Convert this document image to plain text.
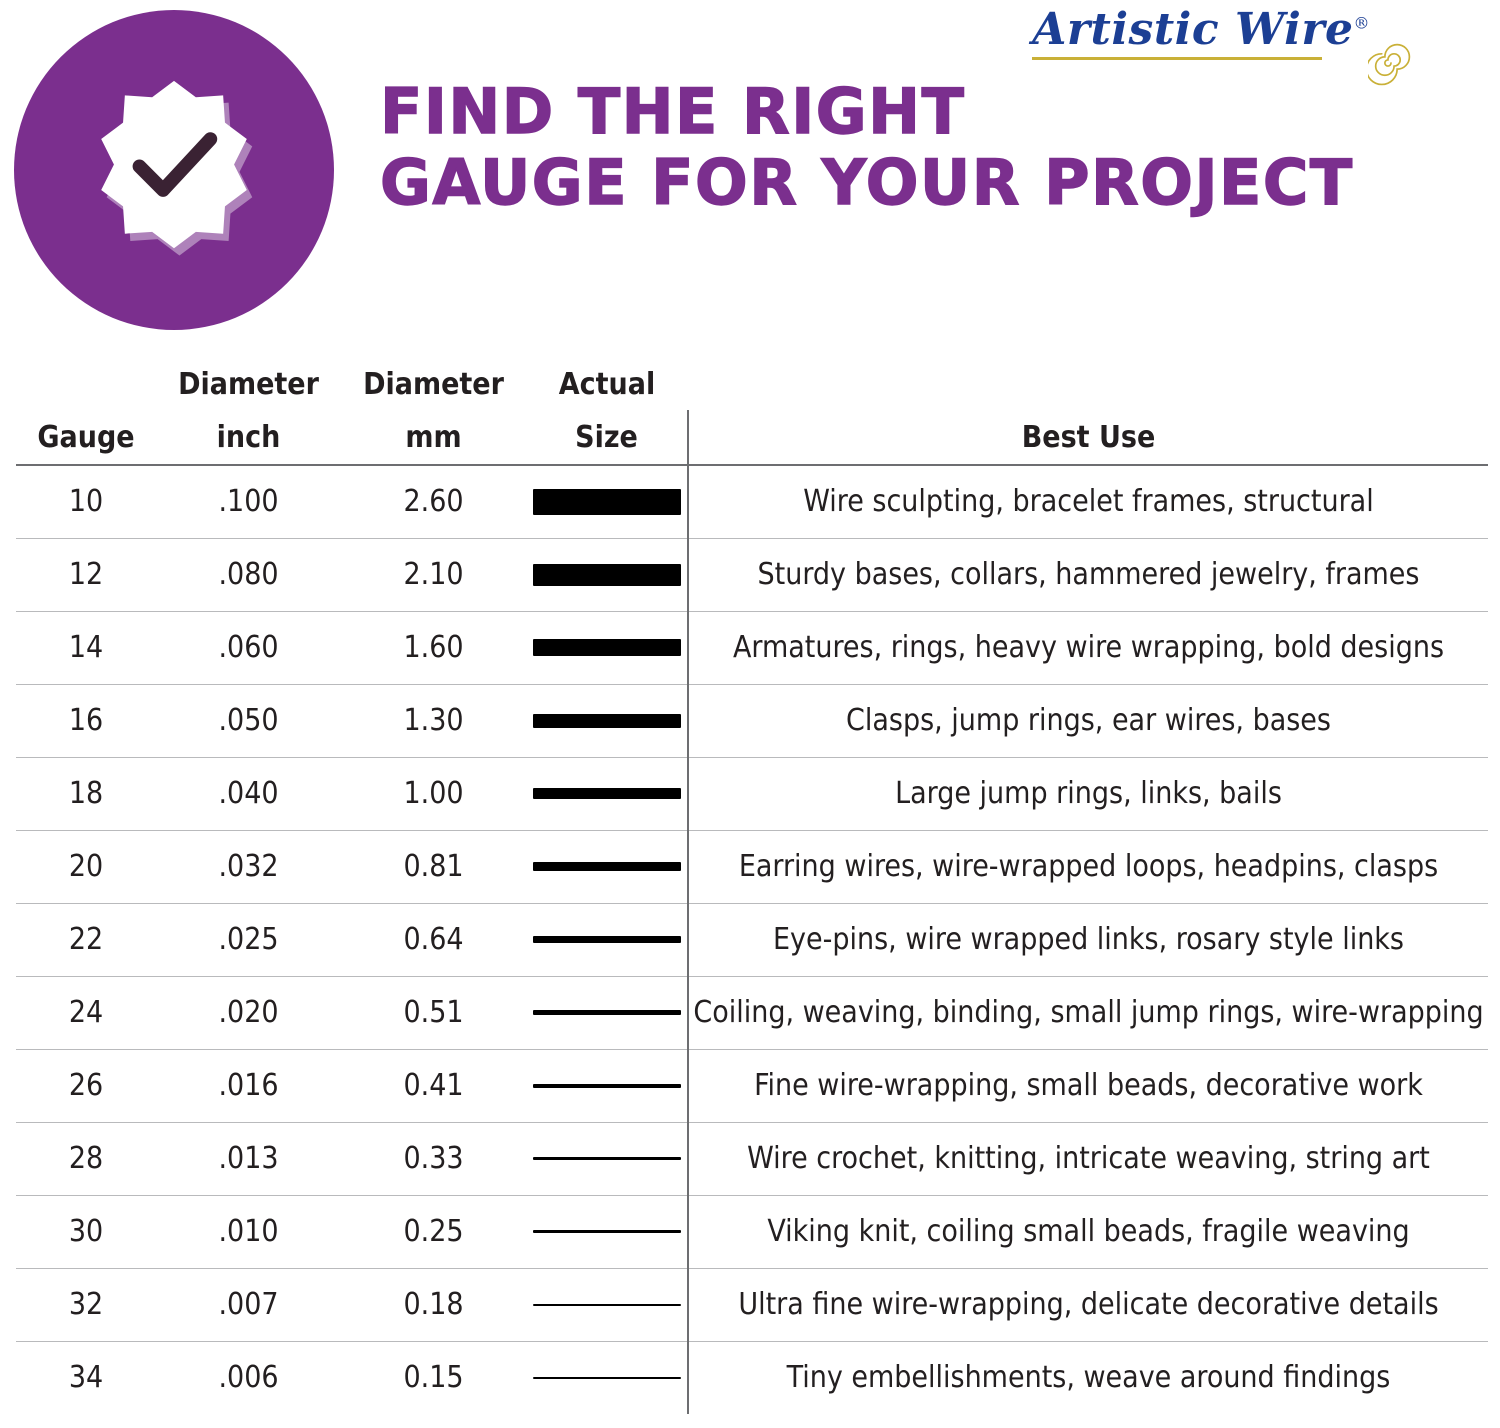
FIND THE RIGHT
GAUGE FOR YOUR PROJECT
Artistic Wire®
	Diameter	Diameter	Actual	
Gauge	inch	mm	Size	Best Use
10	.100	2.60		Wire sculpting, bracelet frames, structural
12	.080	2.10		Sturdy bases, collars, hammered jewelry, frames
14	.060	1.60		Armatures, rings, heavy wire wrapping, bold designs
16	.050	1.30		Clasps, jump rings, ear wires, bases
18	.040	1.00		Large jump rings, links, bails
20	.032	0.81		Earring wires, wire-wrapped loops, headpins, clasps
22	.025	0.64		Eye-pins, wire wrapped links, rosary style links
24	.020	0.51		Coiling, weaving, binding, small jump rings, wire-wrapping
26	.016	0.41		Fine wire-wrapping, small beads, decorative work
28	.013	0.33		Wire crochet, knitting, intricate weaving, string art
30	.010	0.25		Viking knit, coiling small beads, fragile weaving
32	.007	0.18		Ultra fine wire-wrapping, delicate decorative details
34	.006	0.15		Tiny embellishments, weave around findings
